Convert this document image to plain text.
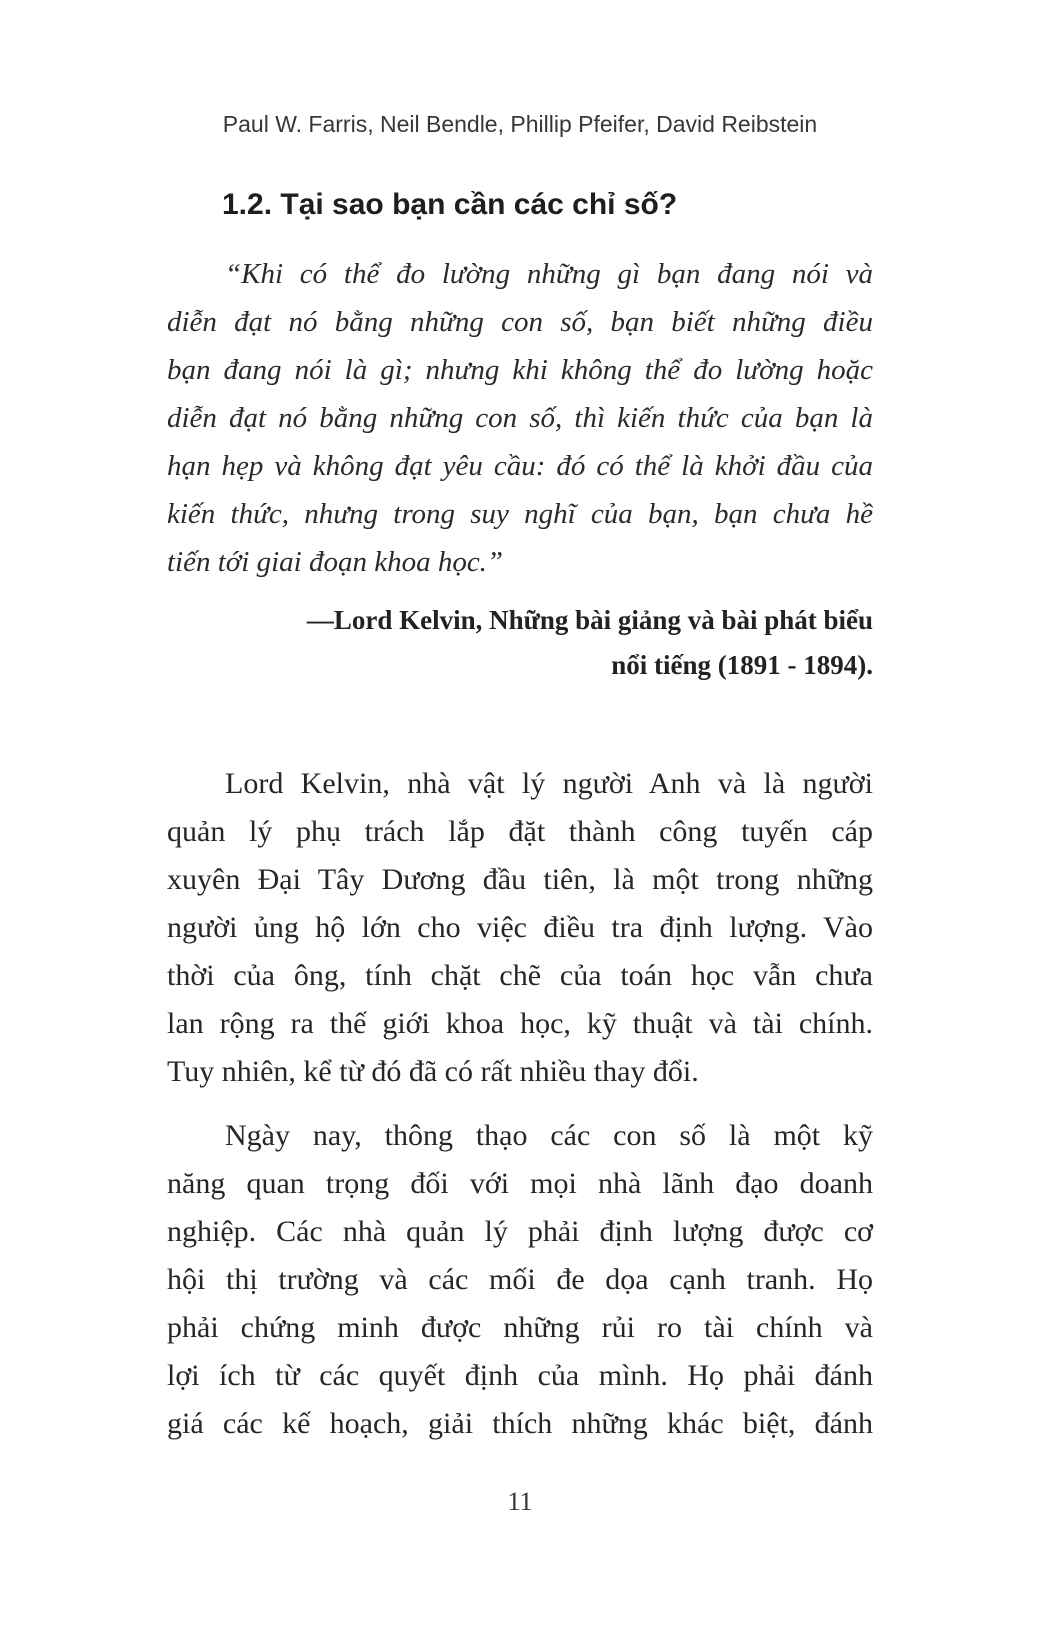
Paul W. Farris, Neil Bendle, Phillip Pfeifer, David Reibstein
1.2. Tại sao bạn cần các chỉ số?
“Khi có thể đo lường những gì bạn đang nói và
diễn đạt nó bằng những con số, bạn biết những điều
bạn đang nói là gì; nhưng khi không thể đo lường hoặc
diễn đạt nó bằng những con số, thì kiến thức của bạn là
hạn hẹp và không đạt yêu cầu: đó có thể là khởi đầu của
kiến thức, nhưng trong suy nghĩ của bạn, bạn chưa hề
tiến tới giai đoạn khoa học.”
—Lord Kelvin, Những bài giảng và bài phát biểu
nổi tiếng (1891 - 1894).
Lord Kelvin, nhà vật lý người Anh và là người
quản lý phụ trách lắp đặt thành công tuyến cáp
xuyên Đại Tây Dương đầu tiên, là một trong những
người ủng hộ lớn cho việc điều tra định lượng. Vào
thời của ông, tính chặt chẽ của toán học vẫn chưa
lan rộng ra thế giới khoa học, kỹ thuật và tài chính.
Tuy nhiên, kể từ đó đã có rất nhiều thay đổi.
Ngày nay, thông thạo các con số là một kỹ
năng quan trọng đối với mọi nhà lãnh đạo doanh
nghiệp. Các nhà quản lý phải định lượng được cơ
hội thị trường và các mối đe dọa cạnh tranh. Họ
phải chứng minh được những rủi ro tài chính và
lợi ích từ các quyết định của mình. Họ phải đánh
giá các kế hoạch, giải thích những khác biệt, đánh
11
